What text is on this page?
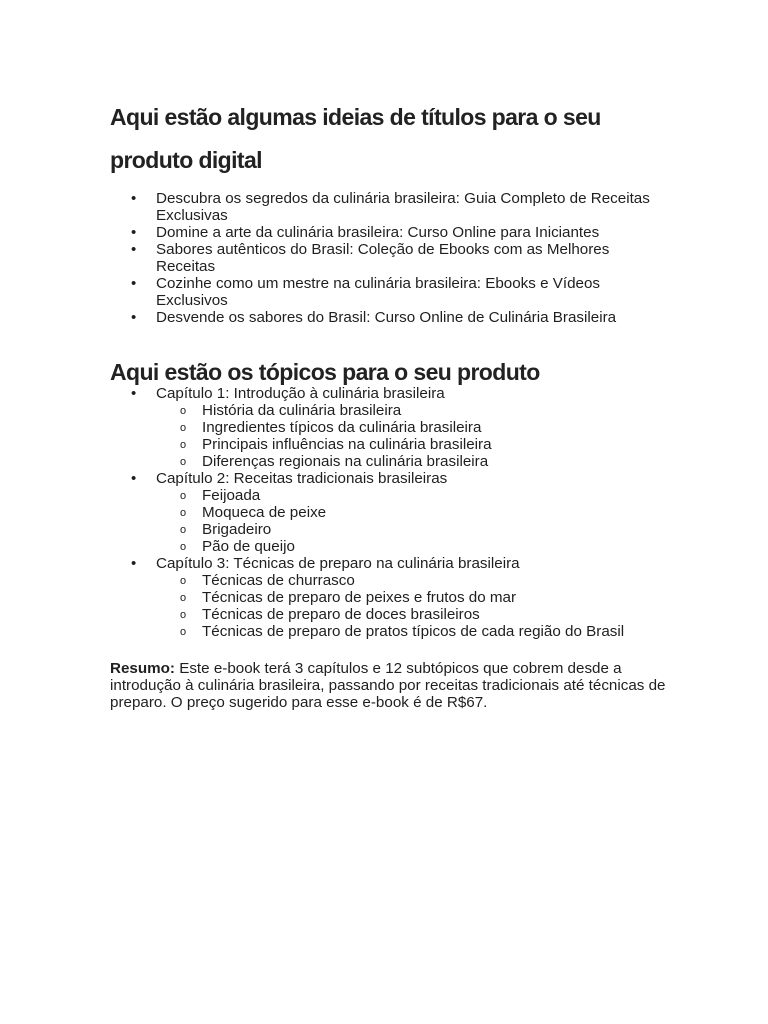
Aqui estão algumas ideias de títulos para o seu produto digital
• Descubra os segredos da culinária brasileira: Guia Completo de Receitas Exclusivas
• Domine a arte da culinária brasileira: Curso Online para Iniciantes
• Sabores autênticos do Brasil: Coleção de Ebooks com as Melhores Receitas
• Cozinhe como um mestre na culinária brasileira: Ebooks e Vídeos Exclusivos
• Desvende os sabores do Brasil: Curso Online de Culinária Brasileira
Aqui estão os tópicos para o seu produto
• Capítulo 1: Introdução à culinária brasileira
o História da culinária brasileira
o Ingredientes típicos da culinária brasileira
o Principais influências na culinária brasileira
o Diferenças regionais na culinária brasileira
• Capítulo 2: Receitas tradicionais brasileiras
o Feijoada
o Moqueca de peixe
o Brigadeiro
o Pão de queijo
• Capítulo 3: Técnicas de preparo na culinária brasileira
o Técnicas de churrasco
o Técnicas de preparo de peixes e frutos do mar
o Técnicas de preparo de doces brasileiros
o Técnicas de preparo de pratos típicos de cada região do Brasil

Resumo: Este e-book terá 3 capítulos e 12 subtópicos que cobrem desde a introdução à culinária brasileira, passando por receitas tradicionais até técnicas de preparo. O preço sugerido para esse e-book é de R$67.
